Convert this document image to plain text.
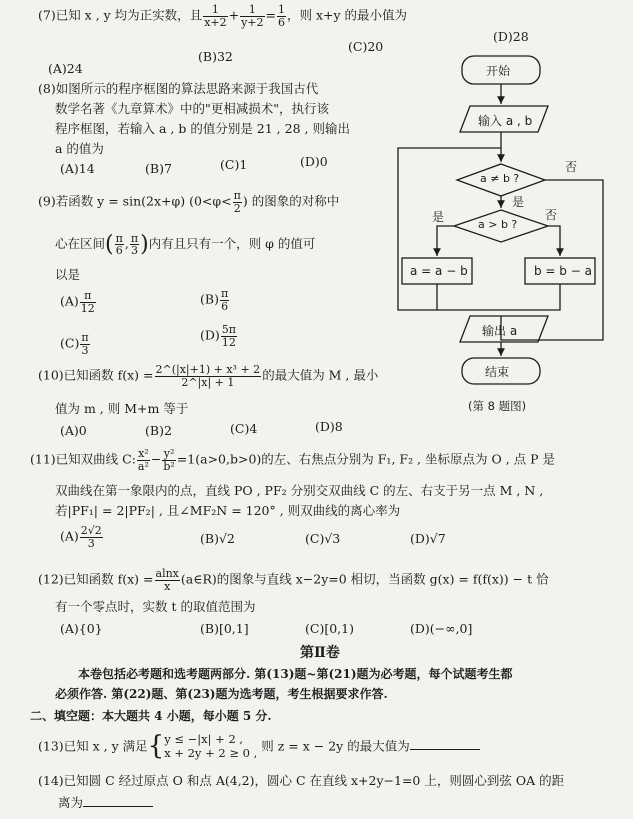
(7)已知 x , y 均为正实数，且 $\frac{1}{x+2} + \frac{1}{y+2} = \frac{1}{6}$ ，则 x+y 的最小值为
(A)24
(B)32
(C)20
(D)28
(8)如图所示的程序框图的算法思路来源于我国古代
数学名著《九章算术》中的"更相减损术"，执行该
程序框图，若输入 a , b 的值分别是 21 , 28 , 则输出
a 的值为
(A)14	(B)7	(C)1	(D)0
(9)若函数 y = sin(2x+φ) ($0<\varphi< \frac{\pi}{2}$ ) 的图象的对称中
心在区间( $\frac{\pi}{6}$ , $\frac{\pi}{3}$ )内有且只有一个，则 φ 的值可
以是
$(A) \frac{\pi}{12}$	$(B) \frac{\pi}{6}$
$(C) \frac{\pi}{3}$	$(D) \frac{5\pi}{12}$
(10)已知函数 $f(x) = \frac{\text{2\textasciicircum{}(|x|+1) + x³ + 2}}{2\^{}|x| + 1}$ 的最大值为 M , 最小
值为 m , 则 M+m 等于
(A)0	(B)2	(C)4	(D)8
(11)已知双曲线 C: $\frac{\text{x²}}{\text{a²}} - \frac{\text{y²}}{\text{b²}} =1(a>0,b>0)$的左、右焦点分别为 F₁, F₂ , 坐标原点为 O , 点 P 是
双曲线在第一象限内的点，直线 PO , PF₂ 分别交双曲线 C 的左、右支于另一点 M , N ,
若|PF₁| = 2|PF₂| , 且∠MF₂N = 120° , 则双曲线的离心率为
$(A) \frac{2√2}{3}$	(B)√2	(C)√3	(D)√7
(12)已知函数 $f(x) = \frac{alnx}{x}$ (a∈R)的图象与直线 x−2y=0 相切，当函数 g(x) = f(f(x)) − t 恰
有一个零点时，实数 t 的取值范围为
(A){0}	(B)[0,1]	(C)[0,1)	(D)(−∞,0]
第Ⅱ卷
本卷包括必考题和选考题两部分. 第(13)题~第(21)题为必考题，每个试题考生都
必须作答. 第(22)题、第(23)题为选考题，考生根据要求作答.
二、填空题：本大题共 4 小题，每小题 5 分.
(13)已知 x , y 满足{ y ≤ −|x| + 2 ,
x + 2y + 2 ≥ 0 , 则 z = x − 2y 的最大值为
(14)已知圆 C 经过原点 O 和点 A(4,2)，圆心 C 在直线 x+2y−1=0 上，则圆心到弦 OA 的距
离为
开始
输入 a , b
a ≠ b ?
是
否
a > b ?
是	否
a = a − b	b = b − a
输出 a
结束
(第 8 题图)
